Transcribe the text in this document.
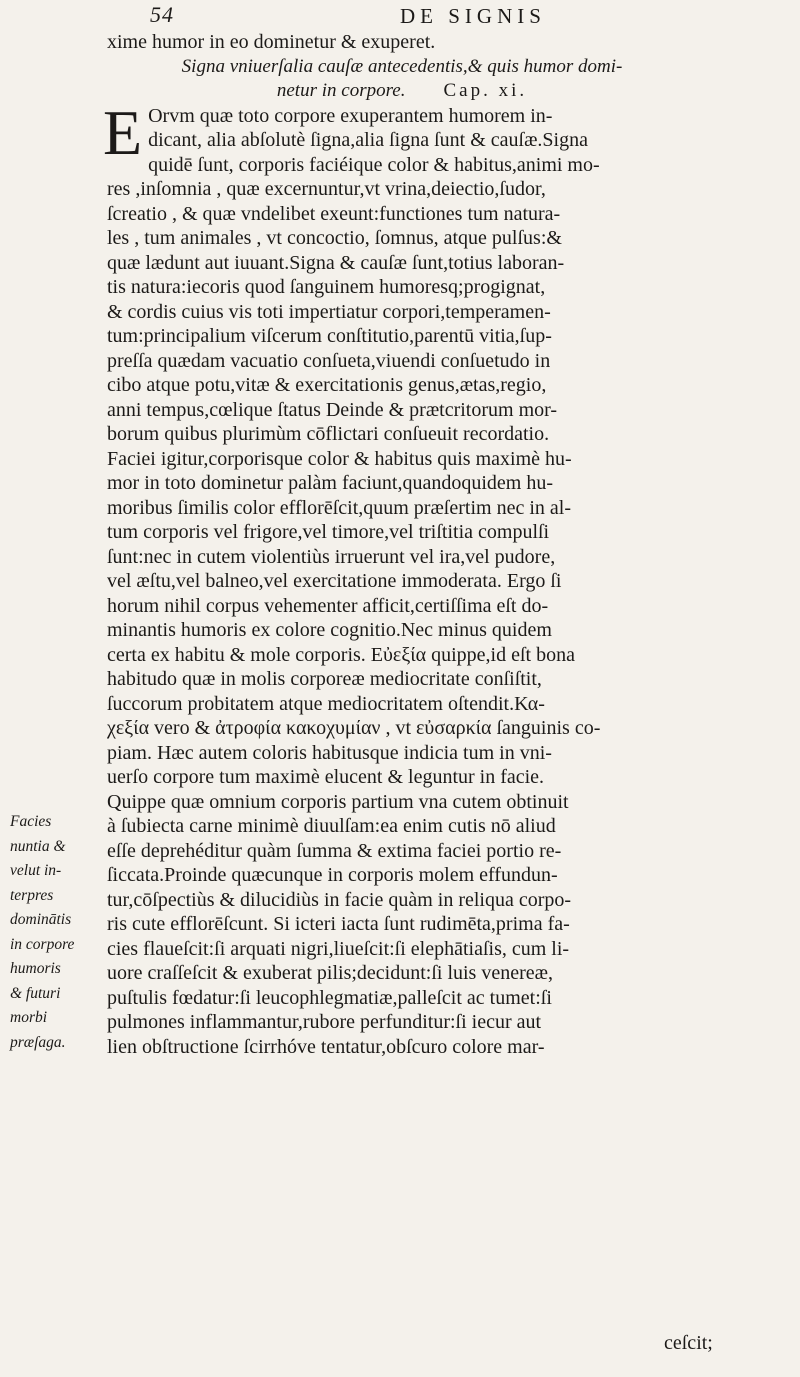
54	DE SIGNIS
xime humor in eo dominetur & exuperet.
Signa vniuerſalia cauſæ antecedentis,& quis humor domi-
netur in corpore. Cap. xi.
E Orvm quæ toto corpore exuperantem humorem in-
dicant, alia abſolutè ſigna,alia ſigna ſunt & cauſæ.Signa
quidē ſunt, corporis faciéique color & habitus,animi mo-
res ,inſomnia , quæ excernuntur,vt vrina,deiectio,ſudor,
ſcreatio , & quæ vndelibet exeunt:functiones tum natura-
les , tum animales , vt concoctio, ſomnus, atque pulſus:&
quæ lædunt aut iuuant.Signa & cauſæ ſunt,totius laboran-
tis natura:iecoris quod ſanguinem humoresq;progignat,
& cordis cuius vis toti impertiatur corpori,temperamen-
tum:principalium viſcerum conſtitutio,parentū vitia,ſup-
preſſa quædam vacuatio conſueta,viuendi conſuetudo in
cibo atque potu,vitæ & exercitationis genus,ætas,regio,
anni tempus,cœlique ſtatus Deinde & prætcritorum mor-
borum quibus plurimùm cōflictari conſueuit recordatio.
Faciei igitur,corporisque color & habitus quis maximè hu-
mor in toto dominetur palàm faciunt,quandoquidem hu-
moribus ſimilis color efflorēſcit,quum præſertim nec in al-
tum corporis vel frigore,vel timore,vel triſtitia compulſi
ſunt:nec in cutem violentiùs irruerunt vel ira,vel pudore,
vel æſtu,vel balneo,vel exercitatione immoderata. Ergo ſi
horum nihil corpus vehementer afficit,certiſſima eſt do-
minantis humoris ex colore cognitio.Nec minus quidem
certa ex habitu & mole corporis. Εὐεξία quippe,id eſt bona
habitudo quæ in molis corporeæ mediocritate conſiſtit,
ſuccorum probitatem atque mediocritatem oſtendit.Κα-
χεξία vero & ἀτροφία κακοχυμίαν , vt εὐσαρκία ſanguinis co-
piam. Hæc autem coloris habitusque indicia tum in vni-
uerſo corpore tum maximè elucent & leguntur in facie.
Quippe quæ omnium corporis partium vna cutem obtinuit
à ſubiecta carne minimè diuulſam:ea enim cutis nō aliud
eſſe deprehéditur quàm ſumma & extima faciei portio re-
ſiccata.Proinde quæcunque in corporis molem effundun-
tur,cōſpectiùs & dilucidiùs in facie quàm in reliqua corpo-
ris cute efflorēſcunt. Si icteri iacta ſunt rudimēta,prima fa-
cies flaueſcit:ſi arquati nigri,liueſcit:ſi elephātiaſis, cum li-
uore craſſeſcit & exuberat pilis;decidunt:ſi luis venereæ,
puſtulis fœdatur:ſi leucophlegmatiæ,palleſcit ac tumet:ſi
pulmones inflammantur,rubore perfunditur:ſi iecur aut
lien obſtructione ſcirrhóve tentatur,obſcuro colore mar-
Facies
nuntia &
velut in-
terpres
dominātis
in corpore
humoris
& futuri
morbi
præſaga.
ceſcit;
